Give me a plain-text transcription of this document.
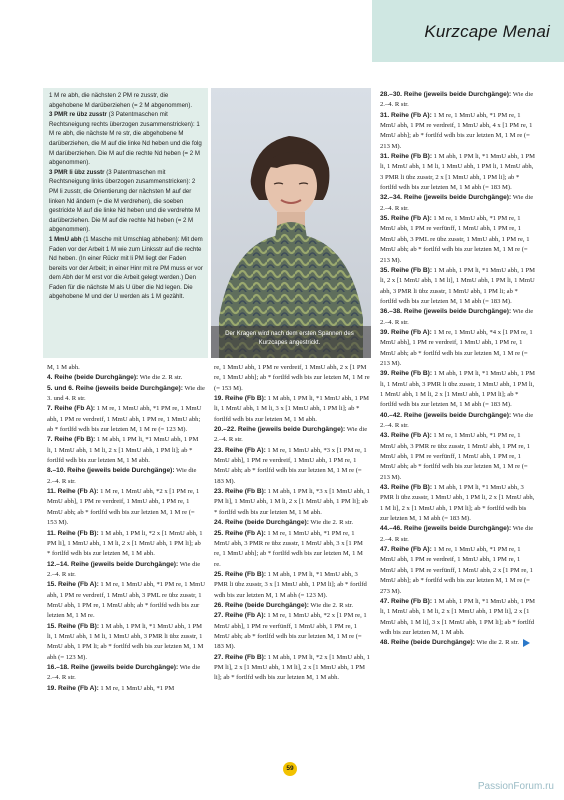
Kurzcape Menai
1 M re abh, die nächsten 2 PM re zusstr, die abgehobene M darüberziehen (= 2 M abgenommen).
3 PMR re übz zusstr (3 Patentmaschen mit Rechtsneigung rechts überzogen zusammenstricken): 1 M re abh, die nächste M re str, die abgehobene M darüberziehen, die M auf die linke Nd heben und die folg M darüberziehen. Die M auf die rechte Nd heben (= 2 M abgenommen).
3 PMR li übz zusstr (3 Patentmaschen mit Rechtsneigung links überzogen zusammenstricken): 2 PM li zusstr, die Orientierung der nächsten M auf der linken Nd ändern (= die M verdrehen), die soeben gestrickte M auf die linke Nd heben und die verdrehte M darüberziehen. Die M auf die rechte Nd heben (= 2 M abgenommen).
1 MmU abh (1 Masche mit Umschlag abheben): Mit dem Faden vor der Arbeit 1 M wie zum Linksstr auf die rechte Nd heben. (In einer Rückr mit li PM liegt der Faden bereits vor der Arbeit; in einer Hinr mit re PM muss er vor dem Abh der M erst vor die Arbeit gelegt werden.) Den Faden für die nächste M als U über die Nd legen. Die abgehobene M und der U werden als 1 M gezählt.
Der Kragen wird nach dem ersten Spannen des Kurzcapes angestrickt.

M, 1 M abh.

4. Reihe (beide Durchgänge): Wie die 2. R str.

5. und 6. Reihe (jeweils beide Durchgänge): Wie die 3. und 4. R str.

7. Reihe (Fb A): 1 M re, 1 MmU abh, *1 PM re, 1 MmU abh, 1 PM re verdreif, 1 MmU abh, 1 PM re, 1 MmU abh; ab * fortlfd wdh bis zur letzten M, 1 M re (= 123 M).

7. Reihe (Fb B): 1 M abh, 1 PM li, *1 MmU abh, 1 PM li, 1 MmU abh, 1 M li, 2 x [1 MmU abh, 1 PM li]; ab * fortlfd wdh bis zur letzten M, 1 M abh.

8.–10. Reihe (jeweils beide Durchgänge): Wie die 2.–4. R str.

11. Reihe (Fb A): 1 M re, 1 MmU abh, *2 x [1 PM re, 1 MmU abh], 1 PM re verdreif, 1 MmU abh, 1 PM re, 1 MmU abh; ab * fortlfd wdh bis zur letzten M, 1 M re (= 153 M).

11. Reihe (Fb B): 1 M abh, 1 PM li, *2 x [1 MmU abh, 1 PM li], 1 MmU abh, 1 M li, 2 x [1 MmU abh, 1 PM li]; ab * fortlfd wdh bis zur letzten M, 1 M abh.

12.–14. Reihe (jeweils beide Durchgänge): Wie die 2.–4. R str.

15. Reihe (Fb A): 1 M re, 1 MmU abh, *1 PM re, 1 MmU abh, 1 PM re verdreif, 1 MmU abh, 3 PML re übz zusstr, 1 MmU abh, 1 PM re, 1 MmU abh; ab * fortlfd wdh bis zur letzten M, 1 M re.

15. Reihe (Fb B): 1 M abh, 1 PM li, *1 MmU abh, 1 PM li, 1 MmU abh, 1 M li, 1 MmU abh, 3 PMR li übz zusstr, 1 MmU abh, 1 PM li; ab * fortlfd wdh bis zur letzten M, 1 M abh (= 123 M).

16.–18. Reihe (jeweils beide Durchgänge): Wie die 2.–4. R str.

19. Reihe (Fb A): 1 M re, 1 MmU abh, *1 PM

re, 1 MmU abh, 1 PM re verdreif, 1 MmU abh, 2 x [1 PM re, 1 MmU abh]; ab * fortlfd wdh bis zur letzten M, 1 M re (= 153 M).

19. Reihe (Fb B): 1 M abh, 1 PM li, *1 MmU abh, 1 PM li, 1 MmU abh, 1 M li, 3 x [1 MmU abh, 1 PM li]; ab * fortlfd wdh bis zur letzten M, 1 M abh.

20.–22. Reihe (jeweils beide Durchgänge): Wie die 2.–4. R str.

23. Reihe (Fb A): 1 M re, 1 MmU abh, *3 x [1 PM re, 1 MmU abh], 1 PM re verdreif, 1 MmU abh, 1 PM re, 1 MmU abh; ab * fortlfd wdh bis zur letzten M, 1 M re (= 183 M).

23. Reihe (Fb B): 1 M abh, 1 PM li, *3 x [1 MmU abh, 1 PM li], 1 MmU abh, 1 M li, 2 x [1 MmU abh, 1 PM li]; ab * fortlfd wdh bis zur letzten M, 1 M abh.

24. Reihe (beide Durchgänge): Wie die 2. R str.

25. Reihe (Fb A): 1 M re, 1 MmU abh, *1 PM re, 1 MmU abh, 3 PMR re übz zusstr, 1 MmU abh, 3 x [1 PM re, 1 MmU abh]; ab * fortlfd wdh bis zur letzten M, 1 M re.

25. Reihe (Fb B): 1 M abh, 1 PM li, *1 MmU abh, 3 PMR li übz zusstr, 3 x [1 MmU abh, 1 PM li]; ab * fortlfd wdh bis zur letzten M, 1 M abh (= 123 M).

26. Reihe (beide Durchgänge): Wie die 2. R str.

27. Reihe (Fb A): 1 M re, 1 MmU abh, *2 x [1 PM re, 1 MmU abh], 1 PM re verfünff, 1 MmU abh, 1 PM re, 1 MmU abh; ab * fortlfd wdh bis zur letzten M, 1 M re (= 183 M).

27. Reihe (Fb B): 1 M abh, 1 PM li, *2 x [1 MmU abh, 1 PM li], 2 x [1 MmU abh, 1 M li], 2 x [1 MmU abh, 1 PM li]; ab * fortlfd wdh bis zur letzten M, 1 M abh.

28.–30. Reihe (jeweils beide Durchgänge): Wie die 2.–4. R str.

31. Reihe (Fb A): 1 M re, 1 MmU abh, *1 PM re, 1 MmU abh, 1 PM re verdreif, 1 MmU abh, 4 x [1 PM re, 1 MmU abh]; ab * fortlfd wdh bis zur letzten M, 1 M re (= 213 M).

31. Reihe (Fb B): 1 M abh, 1 PM li, *1 MmU abh, 1 PM li, 1 MmU abh, 1 M li, 1 MmU abh, 1 PM li, 1 MmU abh, 3 PMR li übz zusstr, 2 x [1 MmU abh, 1 PM li]; ab * fortlfd wdh bis zur letzten M, 1 M abh (= 183 M).

32.–34. Reihe (jeweils beide Durchgänge): Wie die 2.–4. R str.

35. Reihe (Fb A): 1 M re, 1 MmU abh, *1 PM re, 1 MmU abh, 1 PM re verfünff, 1 MmU abh, 1 PM re, 1 MmU abh, 3 PML re übz zusstr, 1 MmU abh, 1 PM re, 1 MmU abh; ab * fortlfd wdh bis zur letzten M, 1 M re (= 213 M).

35. Reihe (Fb B): 1 M abh, 1 PM li, *1 MmU abh, 1 PM li, 2 x [1 MmU abh, 1 M li], 1 MmU abh, 1 PM li, 1 MmU abh, 3 PMR li übz zusstr, 1 MmU abh, 1 PM li; ab * fortlfd wdh bis zur letzten M, 1 M abh (= 183 M).

36.–38. Reihe (jeweils beide Durchgänge): Wie die 2.–4. R str.

39. Reihe (Fb A): 1 M re, 1 MmU abh, *4 x [1 PM re, 1 MmU abh], 1 PM re verdreif, 1 MmU abh, 1 PM re, 1 MmU abh; ab * fortlfd wdh bis zur letzten M, 1 M re (= 213 M).

39. Reihe (Fb B): 1 M abh, 1 PM li, *1 MmU abh, 1 PM li, 1 MmU abh, 3 PMR li übz zusstr, 1 MmU abh, 1 PM li, 1 MmU abh, 1 M li, 2 x [1 MmU abh, 1 PM li]; ab * fortlfd wdh bis zur letzten M, 1 M abh (= 183 M).

40.–42. Reihe (jeweils beide Durchgänge): Wie die 2.–4. R str.

43. Reihe (Fb A): 1 M re, 1 MmU abh, *1 PM re, 1 MmU abh, 3 PMR re übz zusstr, 1 MmU abh, 1 PM re, 1 MmU abh, 1 PM re verfünff, 1 MmU abh, 1 PM re, 1 MmU abh; ab * fortlfd wdh bis zur letzten M, 1 M re (= 213 M).

43. Reihe (Fb B): 1 M abh, 1 PM li, *1 MmU abh, 3 PMR li übz zusstr, 1 MmU abh, 1 PM li, 2 x [1 MmU abh, 1 M li], 2 x [1 MmU abh, 1 PM li]; ab * fortlfd wdh bis zur letzten M, 1 M abh (= 183 M).

44.–46. Reihe (jeweils beide Durchgänge): Wie die 2.–4. R str.

47. Reihe (Fb A): 1 M re, 1 MmU abh, *1 PM re, 1 MmU abh, 1 PM re verdreif, 1 MmU abh, 1 PM re, 1 MmU abh, 1 PM re verfünff, 1 MmU abh, 2 x [1 PM re, 1 MmU abh]; ab * fortlfd wdh bis zur letzten M, 1 M re (= 273 M).

47. Reihe (Fb B): 1 M abh, 1 PM li, *1 MmU abh, 1 PM li, 1 MmU abh, 1 M li, 2 x [1 MmU abh, 1 PM li], 2 x [1 MmU abh, 1 M li], 3 x [1 MmU abh, 1 PM li]; ab * fortlfd wdh bis zur letzten M, 1 M abh.

48. Reihe (beide Durchgänge): Wie die 2. R str.

59
PassionForum.ru
